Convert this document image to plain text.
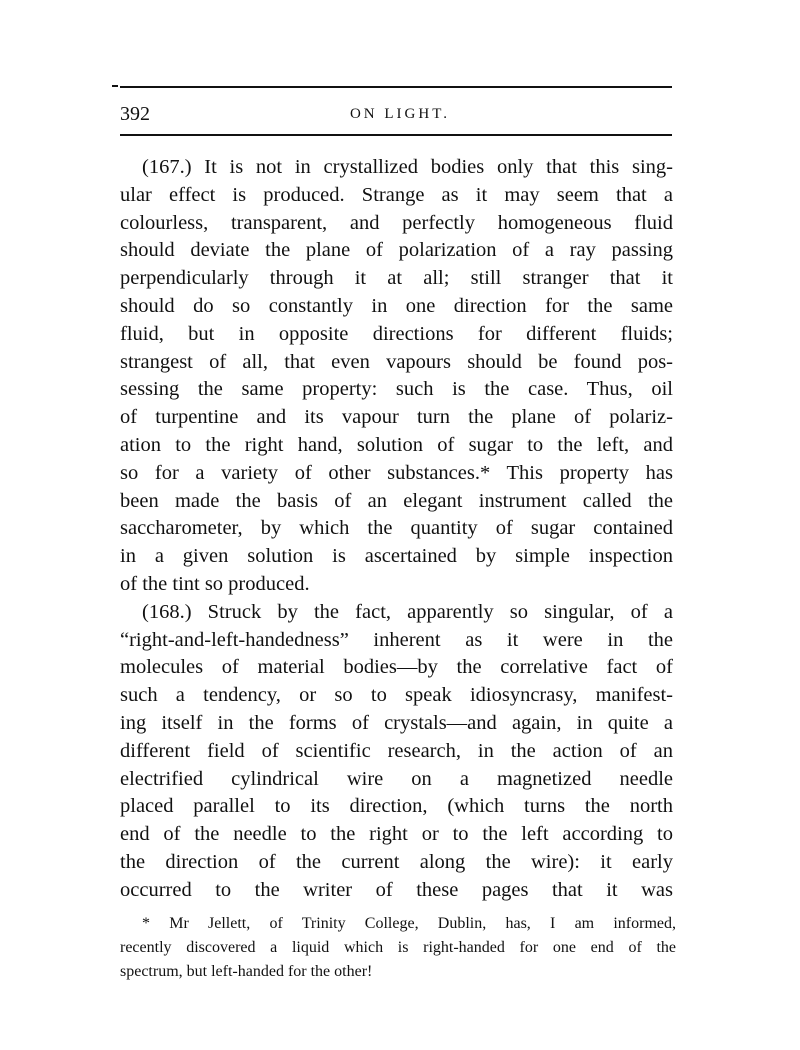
392	ON LIGHT.
(167.) It is not in crystallized bodies only that this sing-
ular effect is produced. Strange as it may seem that a
colourless, transparent, and perfectly homogeneous fluid
should deviate the plane of polarization of a ray passing
perpendicularly through it at all; still stranger that it
should do so constantly in one direction for the same
fluid, but in opposite directions for different fluids;
strangest of all, that even vapours should be found pos-
sessing the same property: such is the case. Thus, oil
of turpentine and its vapour turn the plane of polariz-
ation to the right hand, solution of sugar to the left, and
so for a variety of other substances.* This property has
been made the basis of an elegant instrument called the
saccharometer, by which the quantity of sugar contained
in a given solution is ascertained by simple inspection
of the tint so produced.
(168.) Struck by the fact, apparently so singular, of a
“right-and-left-handedness” inherent as it were in the
molecules of material bodies—by the correlative fact of
such a tendency, or so to speak idiosyncrasy, manifest-
ing itself in the forms of crystals—and again, in quite a
different field of scientific research, in the action of an
electrified cylindrical wire on a magnetized needle
placed parallel to its direction, (which turns the north
end of the needle to the right or to the left according to
the direction of the current along the wire): it early
occurred to the writer of these pages that it was
* Mr Jellett, of Trinity College, Dublin, has, I am informed,
recently discovered a liquid which is right-handed for one end of the
spectrum, but left-handed for the other!
